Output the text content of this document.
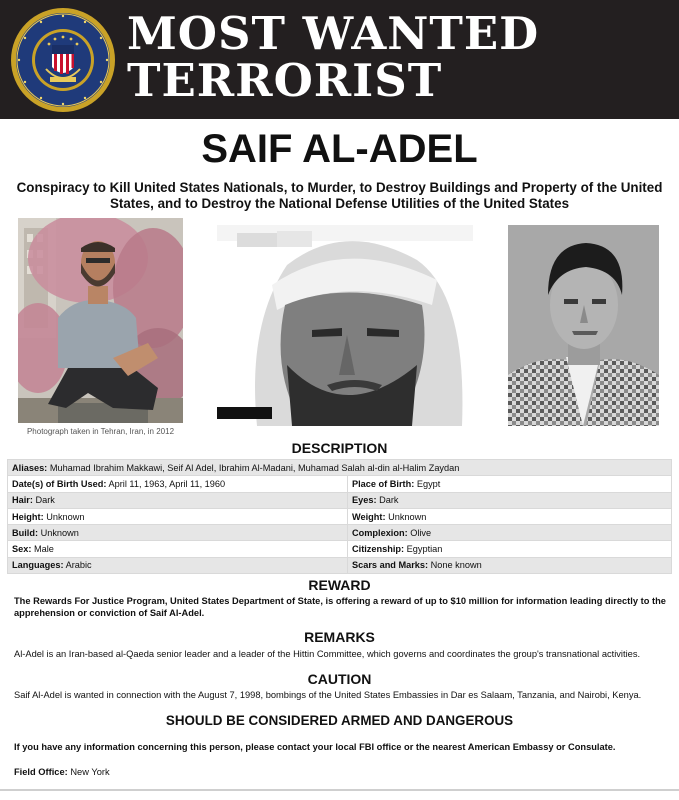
MOST WANTED
TERRORIST
SAIF AL-ADEL
Conspiracy to Kill United States Nationals, to Murder, to Destroy Buildings and Property of the United States, and to Destroy the National Defense Utilities of the United States
Photograph taken in Tehran, Iran, in 2012
DESCRIPTION
Aliases: Muhamad Ibrahim Makkawi, Seif Al Adel, Ibrahim Al-Madani, Muhamad Salah al-din al-Halim Zaydan	
Date(s) of Birth Used: April 11, 1963, April 11, 1960	Place of Birth: Egypt
Hair: Dark	Eyes: Dark
Height: Unknown	Weight: Unknown
Build: Unknown	Complexion: Olive
Sex: Male	Citizenship: Egyptian
Languages: Arabic	Scars and Marks: None known
REWARD
The Rewards For Justice Program, United States Department of State, is offering a reward of up to $10 million for information leading directly to the apprehension or conviction of Saif Al-Adel.
REMARKS
Al-Adel is an Iran-based al-Qaeda senior leader and a leader of the Hittin Committee, which governs and coordinates the group's transnational activities.
CAUTION
Saif Al-Adel is wanted in connection with the August 7, 1998, bombings of the United States Embassies in Dar es Salaam, Tanzania, and Nairobi, Kenya.
SHOULD BE CONSIDERED ARMED AND DANGEROUS
If you have any information concerning this person, please contact your local FBI office or the nearest American Embassy or Consulate.
Field Office: New York
